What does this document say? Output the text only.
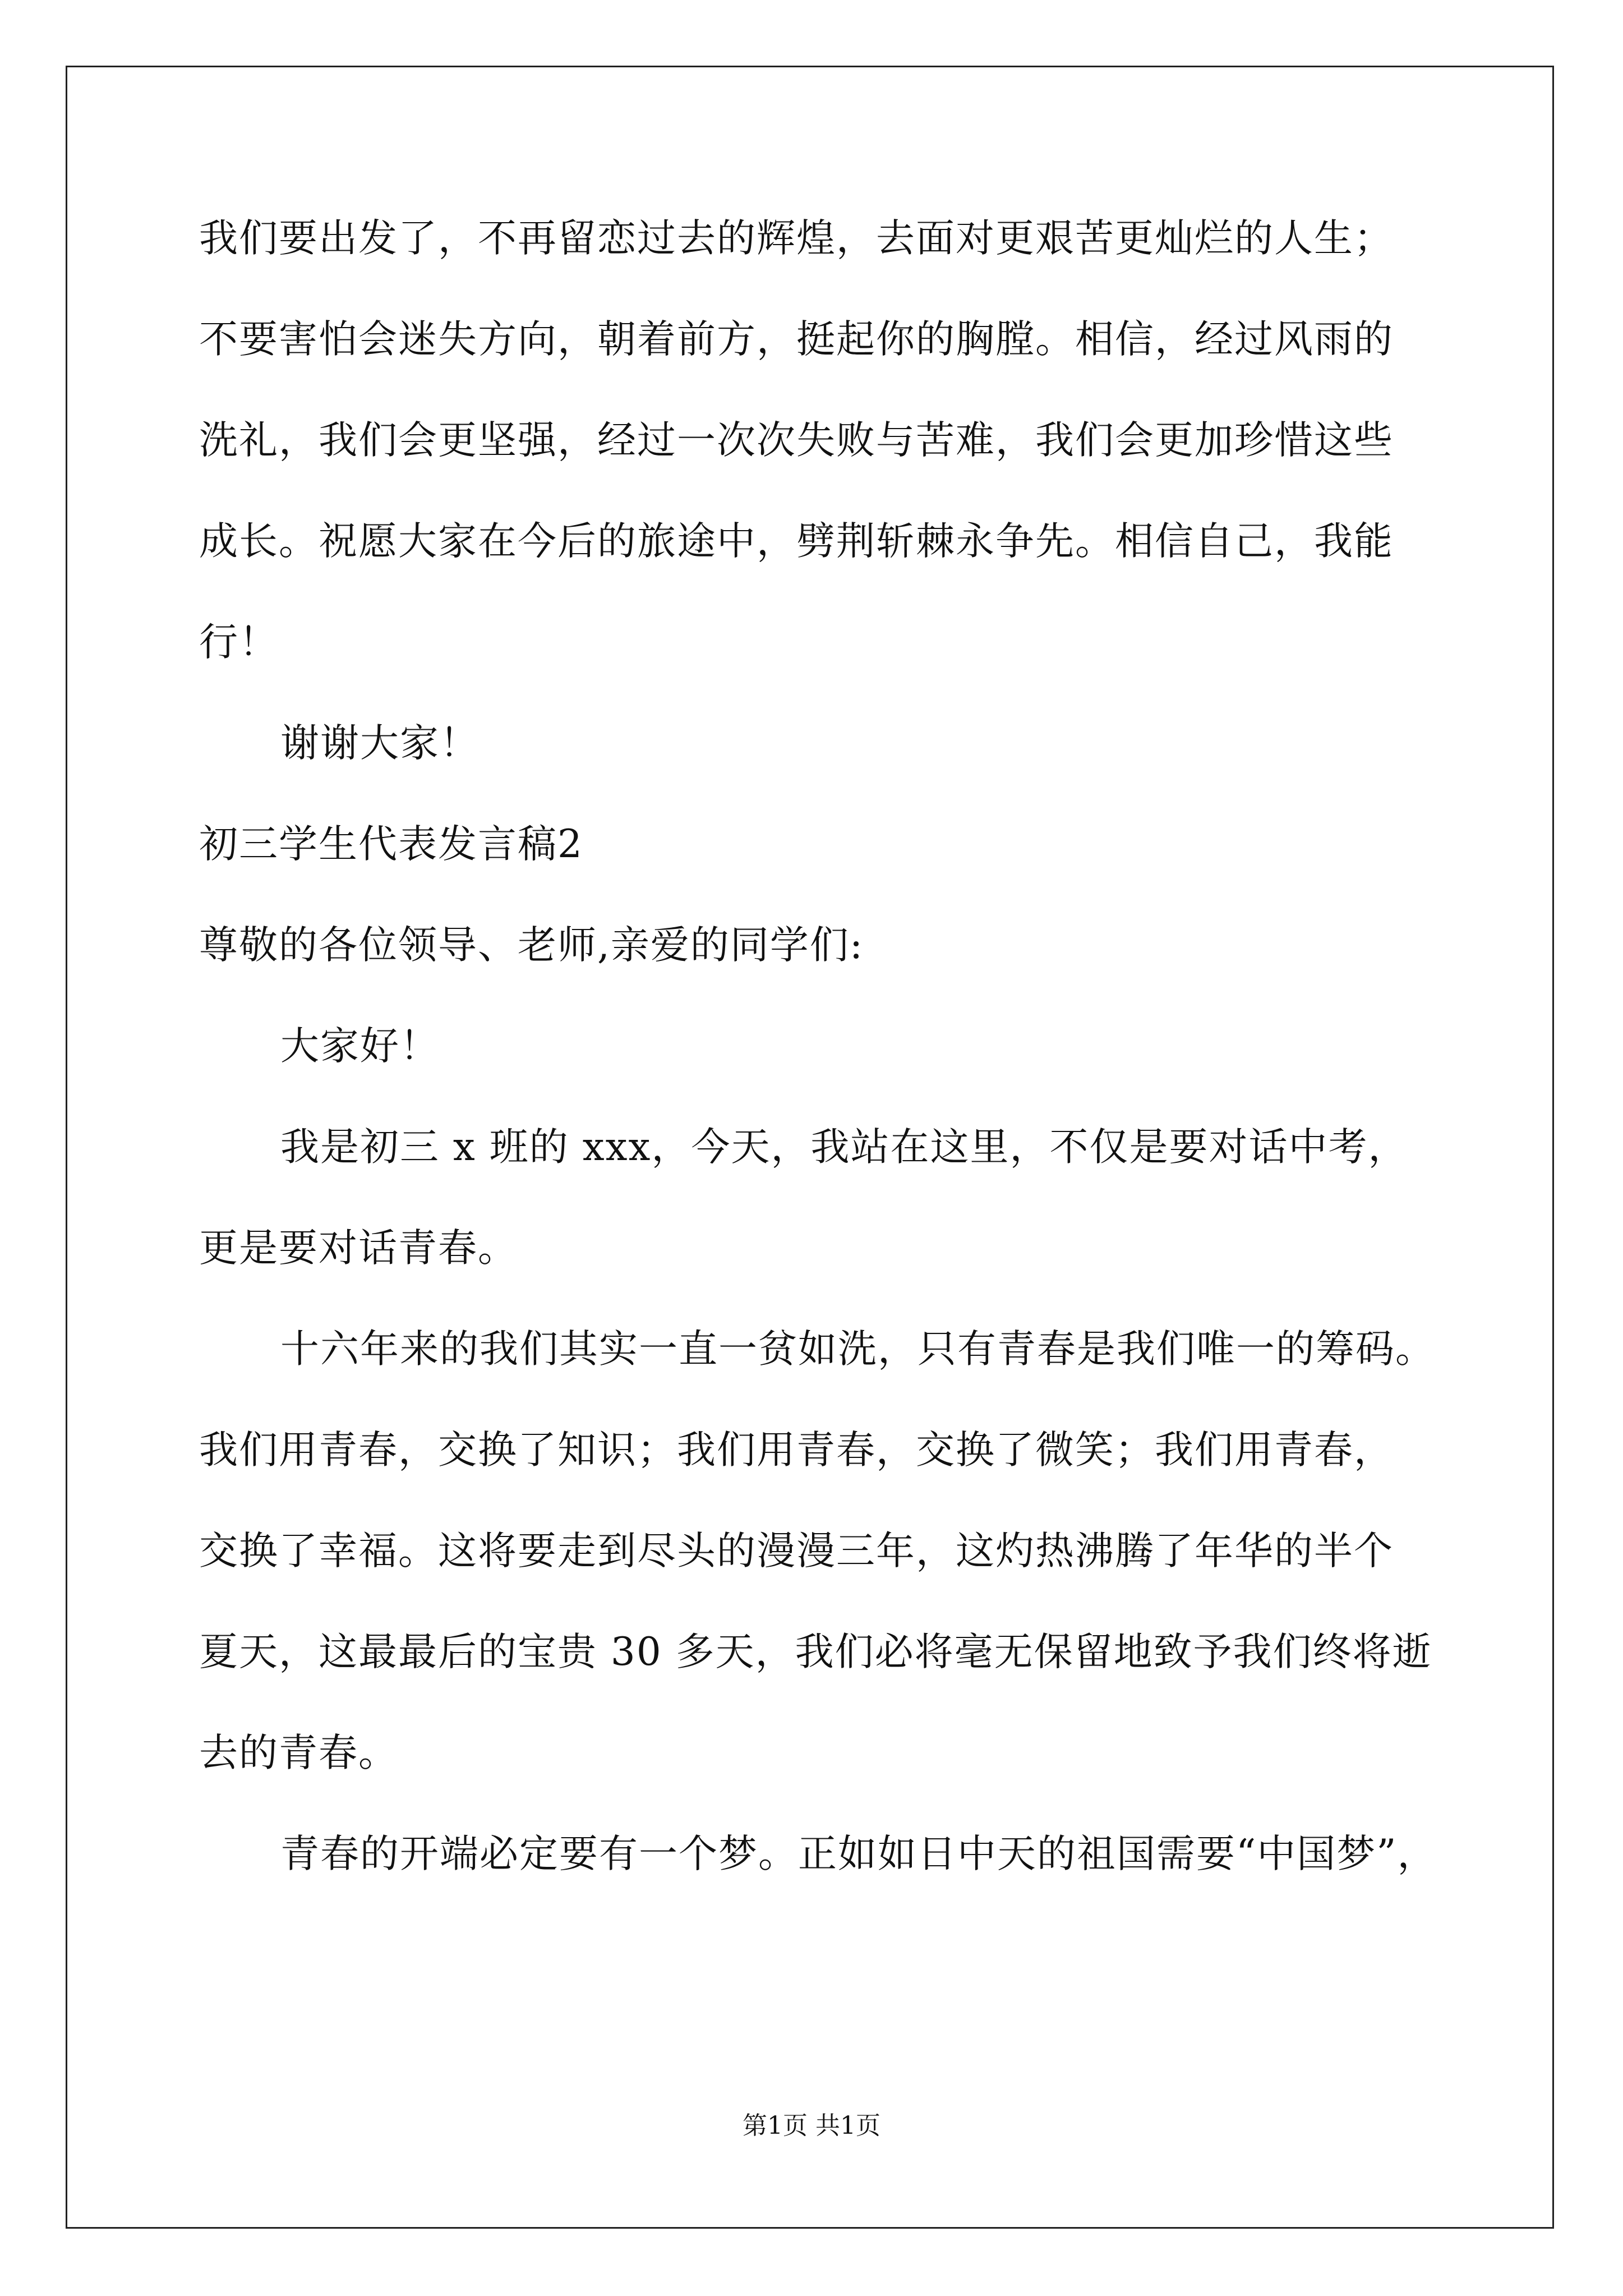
我们要出发了，不再留恋过去的辉煌，去面对更艰苦更灿烂的人生；
不要害怕会迷失方向，朝着前方，挺起你的胸膛。相信，经过风雨的
洗礼，我们会更坚强，经过一次次失败与苦难，我们会更加珍惜这些
成长。祝愿大家在今后的旅途中，劈荆斩棘永争先。相信自己，我能
行！
谢谢大家！
初三学生代表发言稿2
尊敬的各位领导、老师,亲爱的同学们:
大家好！
我是初三 x 班的 xxx，今天，我站在这里，不仅是要对话中考，
更是要对话青春。
十六年来的我们其实一直一贫如洗，只有青春是我们唯一的筹码。
我们用青春，交换了知识；我们用青春，交换了微笑；我们用青春，
交换了幸福。这将要走到尽头的漫漫三年，这灼热沸腾了年华的半个
夏天，这最最后的宝贵 30 多天，我们必将毫无保留地致予我们终将逝
去的青春。
青春的开端必定要有一个梦。正如如日中天的祖国需要“中国梦”，
第1页 共1页
